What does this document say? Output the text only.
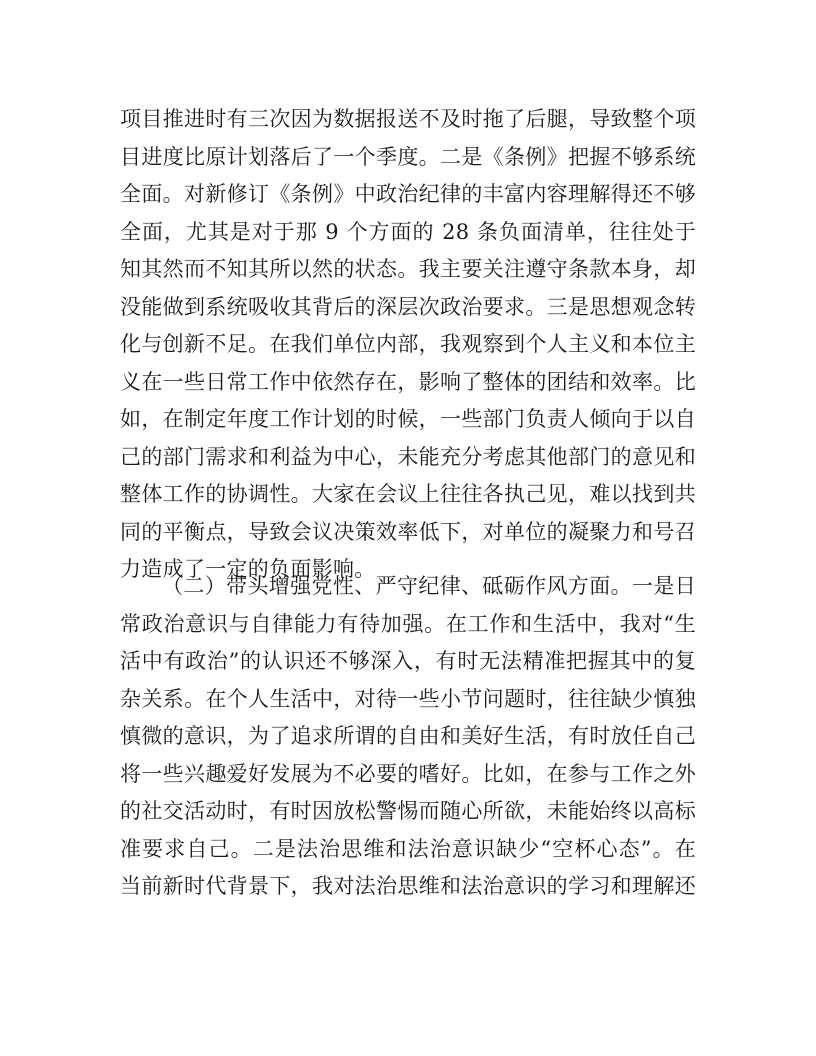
项目推进时有三次因为数据报送不及时拖了后腿，导致整个项
目进度比原计划落后了一个季度。二是《条例》把握不够系统
全面。对新修订《条例》中政治纪律的丰富内容理解得还不够
全面，尤其是对于那 9 个方面的 28 条负面清单，往往处于
知其然而不知其所以然的状态。我主要关注遵守条款本身，却
没能做到系统吸收其背后的深层次政治要求。三是思想观念转
化与创新不足。在我们单位内部，我观察到个人主义和本位主
义在一些日常工作中依然存在，影响了整体的团结和效率。比
如，在制定年度工作计划的时候，一些部门负责人倾向于以自
己的部门需求和利益为中心，未能充分考虑其他部门的意见和
整体工作的协调性。大家在会议上往往各执己见，难以找到共
同的平衡点，导致会议决策效率低下，对单位的凝聚力和号召
力造成了一定的负面影响。
（二）带头增强党性、严守纪律、砥砺作风方面。一是日
常政治意识与自律能力有待加强。在工作和生活中，我对“生
活中有政治”的认识还不够深入，有时无法精准把握其中的复
杂关系。在个人生活中，对待一些小节问题时，往往缺少慎独
慎微的意识，为了追求所谓的自由和美好生活，有时放任自己
将一些兴趣爱好发展为不必要的嗜好。比如，在参与工作之外
的社交活动时，有时因放松警惕而随心所欲，未能始终以高标
准要求自己。二是法治思维和法治意识缺少“空杯心态”。在
当前新时代背景下，我对法治思维和法治意识的学习和理解还
